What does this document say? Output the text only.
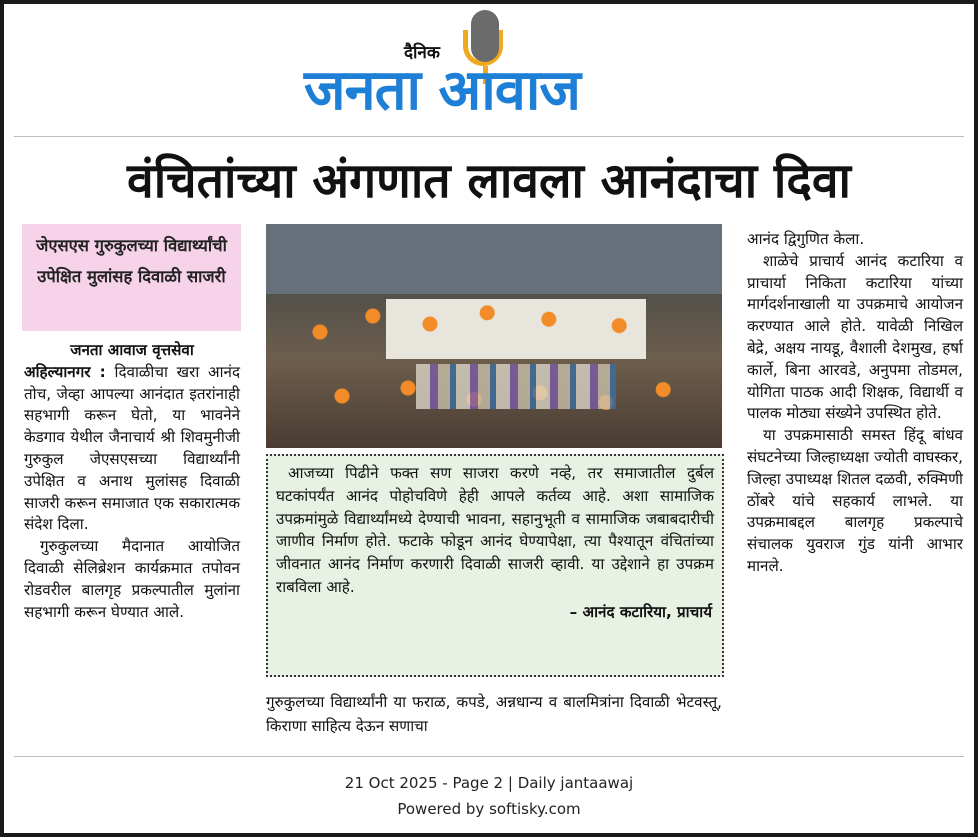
दैनिक
जनता आवाज
वंचितांच्या अंगणात लावला आनंदाचा दिवा
जेएसएस गुरुकुलच्या विद्यार्थ्यांची उपेक्षित मुलांसह दिवाळी साजरी

जनता आवाज वृत्तसेवा

अहिल्यानगर : दिवाळीचा खरा आनंद तोच, जेव्हा आपल्या आनंदात इतरांनाही सहभागी करून घेतो, या भावनेने केडगाव येथील जैनाचार्य श्री शिवमुनीजी गुरुकुल जेएसएसच्या विद्यार्थ्यांनी उपेक्षित व अनाथ मुलांसह दिवाळी साजरी करून समाजात एक सकारात्मक संदेश दिला.

गुरुकुलच्या मैदानात आयोजित दिवाळी सेलिब्रेशन कार्यक्रमात तपोवन रोडवरील बालगृह प्रकल्पातील मुलांना सहभागी करून घेण्यात आले.

आजच्या पिढीने फक्त सण साजरा करणे नव्हे, तर समाजातील दुर्बल घटकांपर्यंत आनंद पोहोचविणे हेही आपले कर्तव्य आहे. अशा सामाजिक उपक्रमांमुळे विद्यार्थ्यांमध्ये देण्याची भावना, सहानुभूती व सामाजिक जबाबदारीची जाणीव निर्माण होते. फटाके फोडून आनंद घेण्यापेक्षा, त्या पैश्यातून वंचितांच्या जीवनात आनंद निर्माण करणारी दिवाळी साजरी व्हावी. या उद्देशाने हा उपक्रम राबविला आहे.

– आनंद कटारिया, प्राचार्य

गुरुकुलच्या विद्यार्थ्यांनी या फराळ, कपडे, अन्नधान्य व बालमित्रांना दिवाळी भेटवस्तू, किराणा साहित्य देऊन सणाचा

आनंद द्विगुणित केला.

शाळेचे प्राचार्य आनंद कटारिया व प्राचार्या निकिता कटारिया यांच्या मार्गदर्शनाखाली या उपक्रमाचे आयोजन करण्यात आले होते. यावेळी निखिल बेद्रे, अक्षय नायडू, वैशाली देशमुख, हर्षा कार्ले, बिना आरवडे, अनुपमा तोडमल, योगिता पाठक आदी शिक्षक, विद्यार्थी व पालक मोठ्या संख्येने उपस्थित होते.

या उपक्रमासाठी समस्त हिंदू बांधव संघटनेच्या जिल्हाध्यक्षा ज्योती वाघस्कर, जिल्हा उपाध्यक्ष शितल दळवी, रुक्मिणी ठोंबरे यांचे सहकार्य लाभले. या उपक्रमाबद्दल बालगृह प्रकल्पाचे संचालक युवराज गुंड यांनी आभार मानले.

21 Oct 2025 - Page 2 | Daily jantaawaj
Powered by softisky.com
